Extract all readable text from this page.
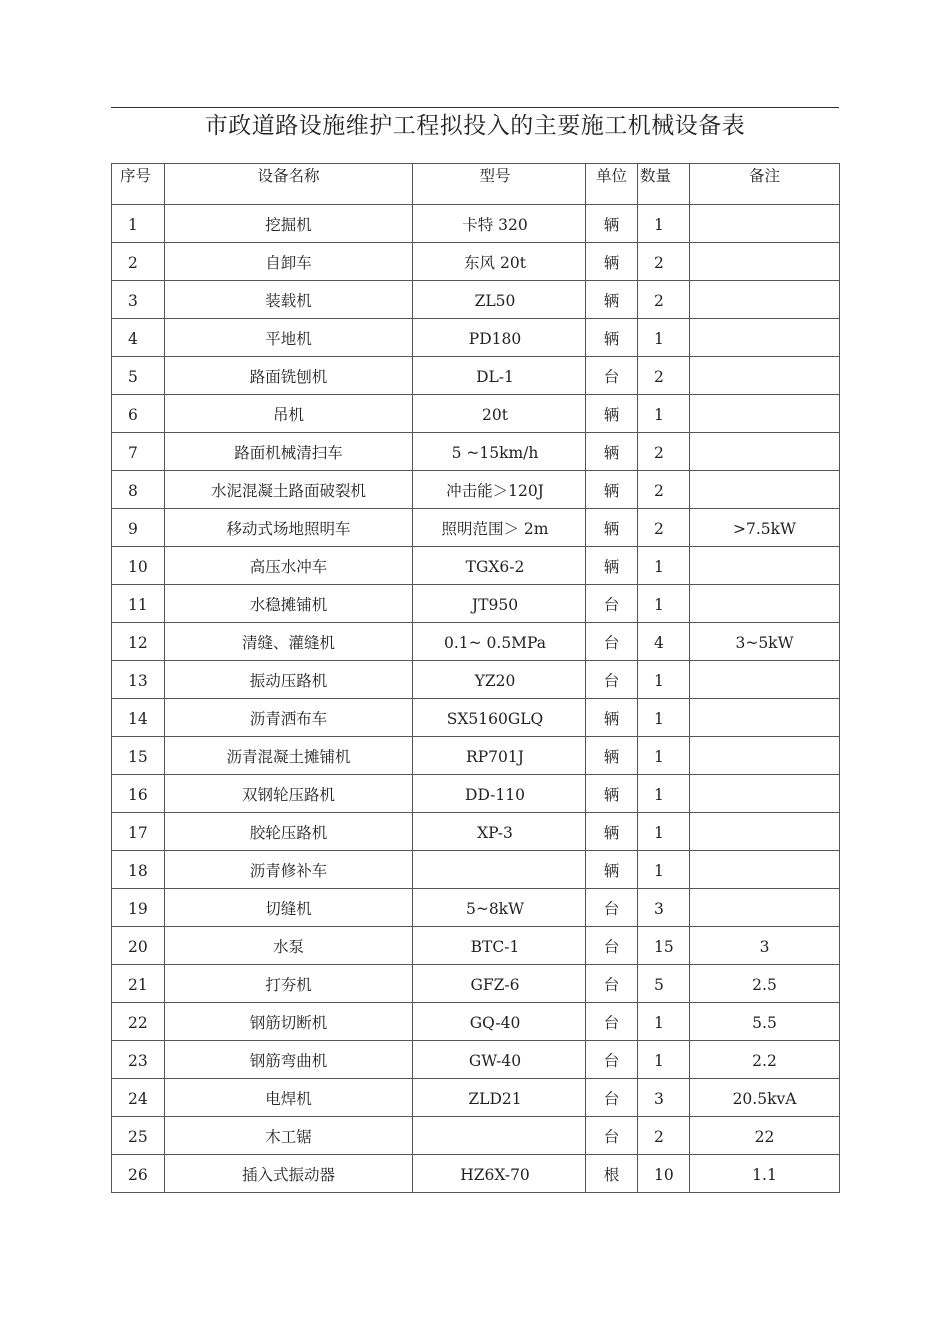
市政道路设施维护工程拟投入的主要施工机械设备表
序号	设备名称	型号	单位	数量	备注
1	挖掘机	卡特 320	辆	1	
2	自卸车	东风 20t	辆	2	
3	装载机	ZL50	辆	2	
4	平地机	PD180	辆	1	
5	路面铣刨机	DL-1	台	2	
6	吊机	20t	辆	1	
7	路面机械清扫车	5 ~15km/h	辆	2	
8	水泥混凝土路面破裂机	冲击能＞120J	辆	2	
9	移动式场地照明车	照明范围＞ 2m	辆	2	>7.5kW
10	高压水冲车	TGX6-2	辆	1	
11	水稳摊铺机	JT950	台	1	
12	清缝、灌缝机	0.1~ 0.5MPa	台	4	3~5kW
13	振动压路机	YZ20	台	1	
14	沥青洒布车	SX5160GLQ	辆	1	
15	沥青混凝土摊铺机	RP701J	辆	1	
16	双钢轮压路机	DD-110	辆	1	
17	胶轮压路机	XP-3	辆	1	
18	沥青修补车		辆	1	
19	切缝机	5~8kW	台	3	
20	水泵	BTC-1	台	15	3
21	打夯机	GFZ-6	台	5	2.5
22	钢筋切断机	GQ-40	台	1	5.5
23	钢筋弯曲机	GW-40	台	1	2.2
24	电焊机	ZLD21	台	3	20.5kvA
25	木工锯		台	2	22
26	插入式振动器	HZ6X-70	根	10	1.1
